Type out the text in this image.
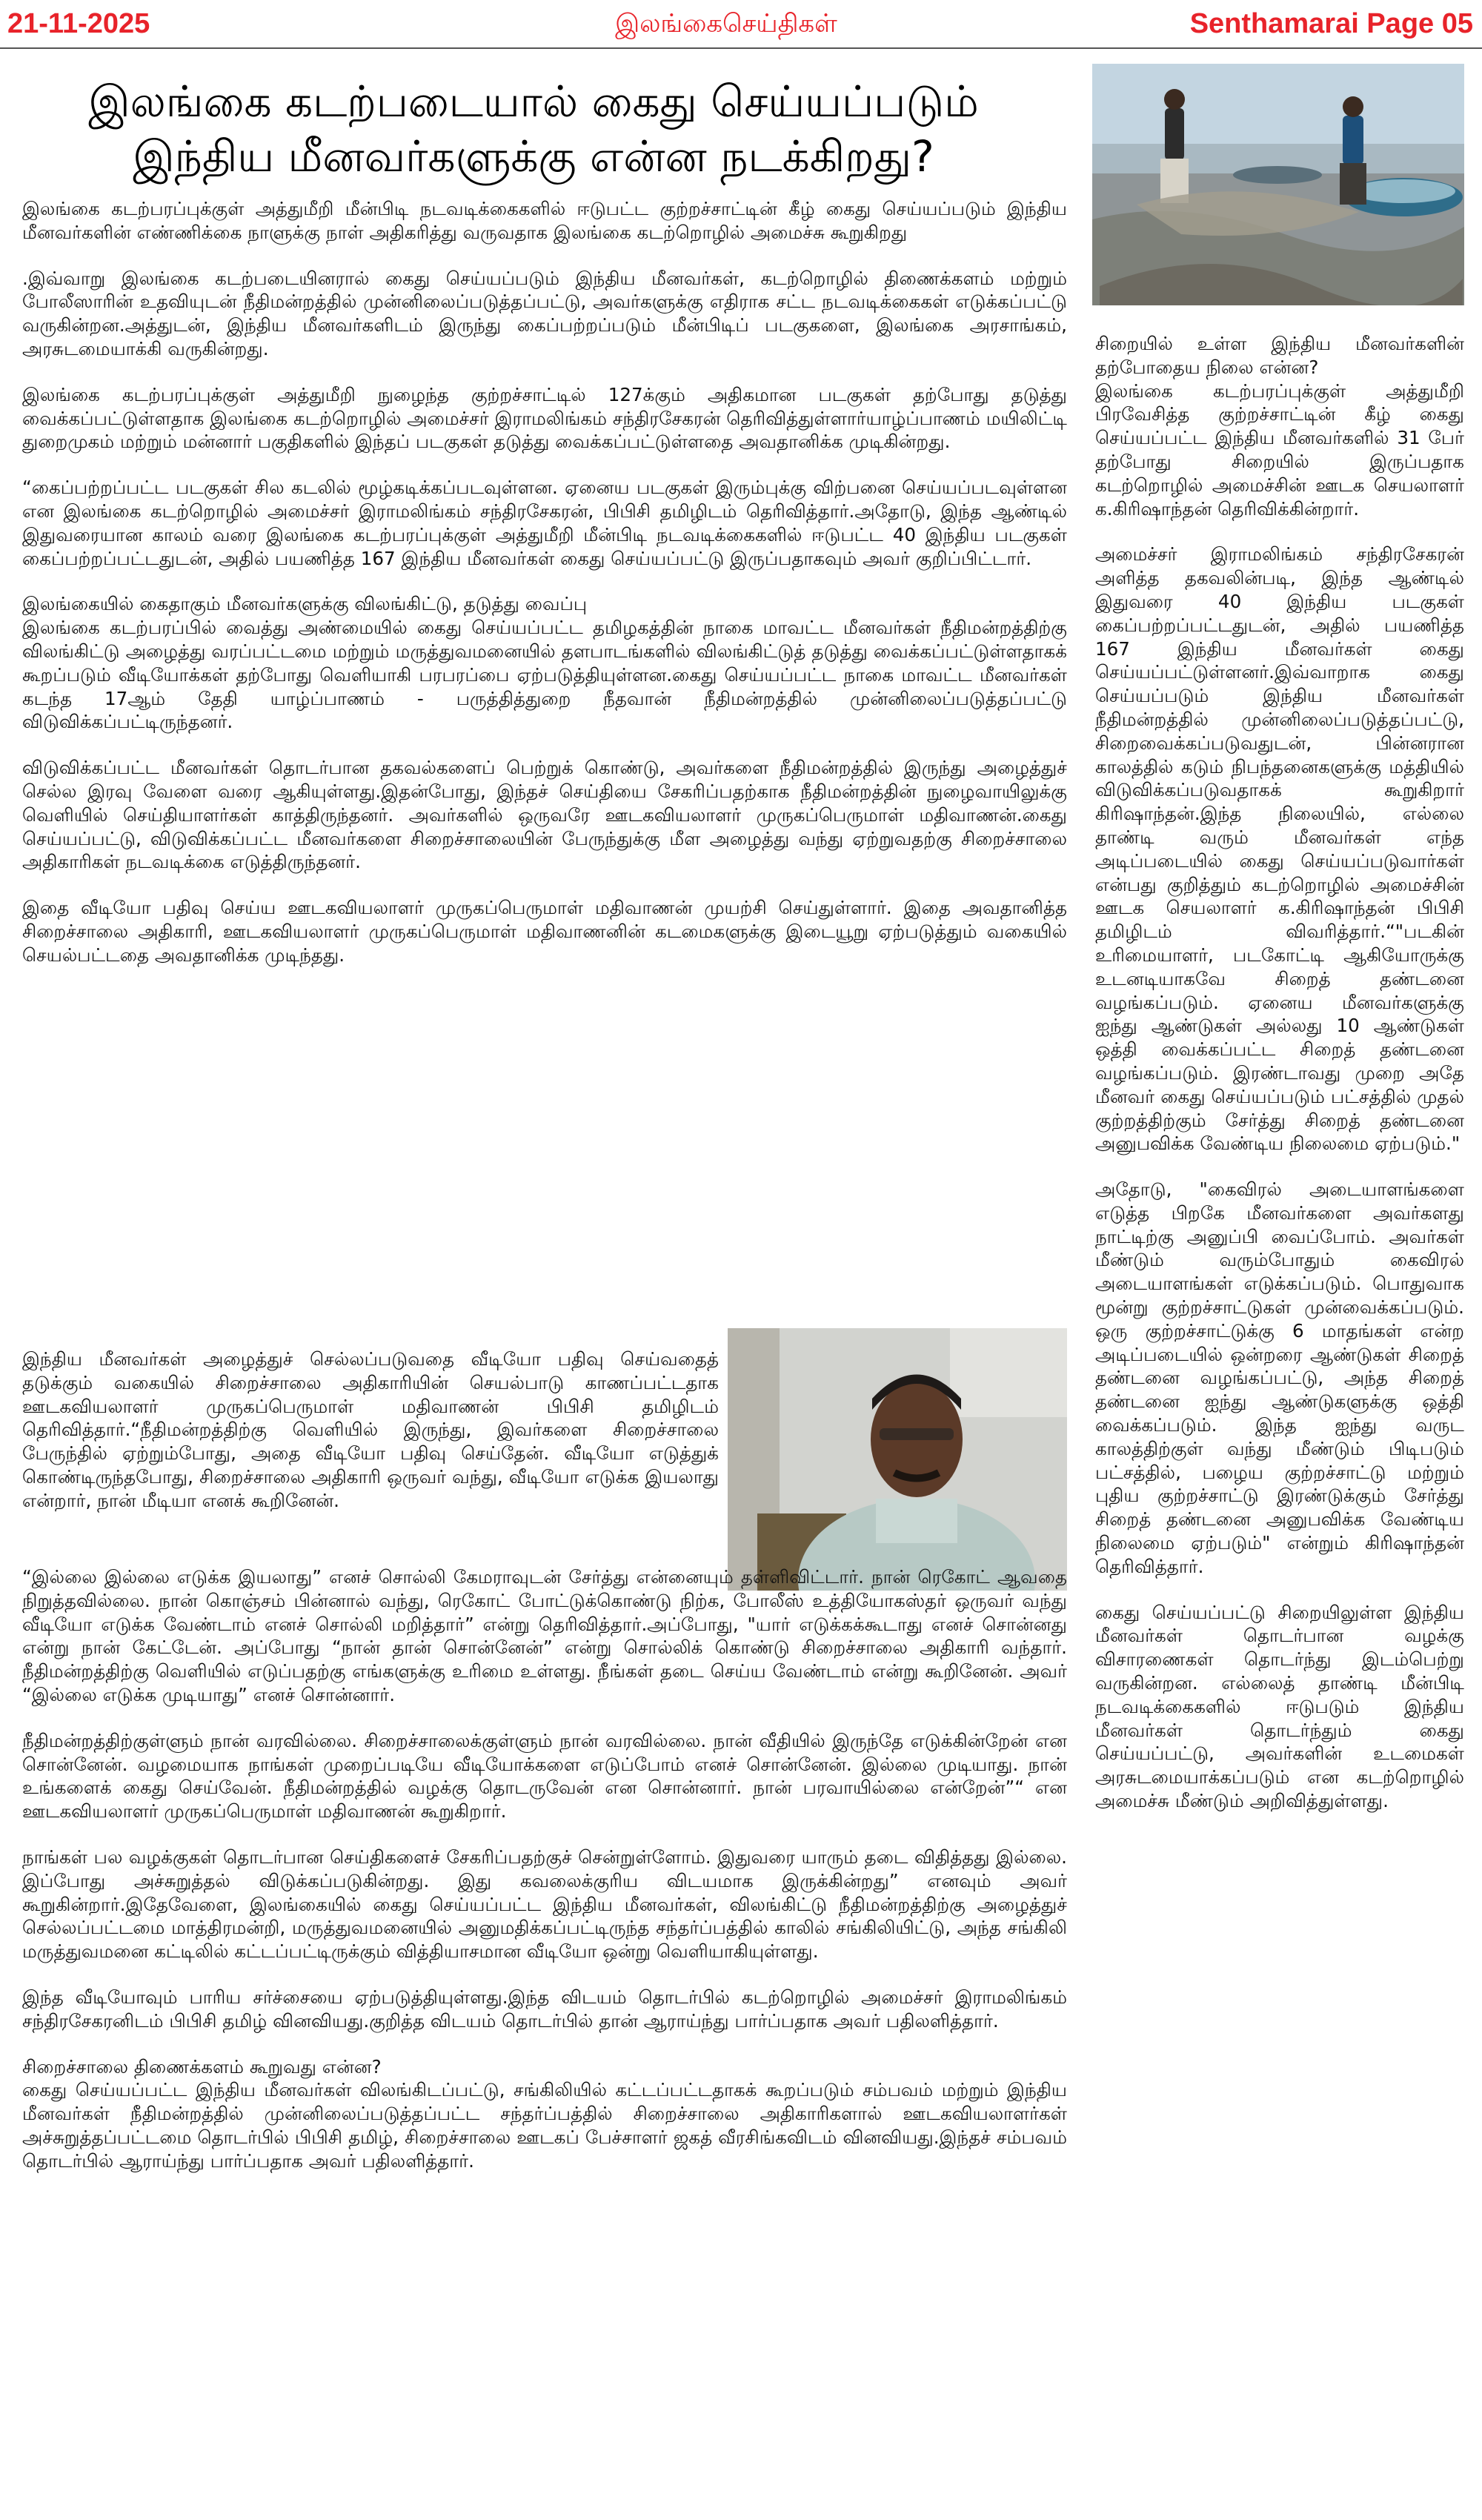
21-11-2025	இலங்கைசெய்திகள்	Senthamarai Page 05
இலங்கை கடற்படையால் கைது செய்யப்படும்
இந்திய மீனவர்களுக்கு என்ன நடக்கிறது?

இலங்கை கடற்பரப்புக்குள் அத்துமீறி மீன்பிடி நடவடிக்கைகளில் ஈடுபட்ட குற்றச்சாட்டின் கீழ் கைது செய்யப்படும் இந்திய மீனவர்களின் எண்ணிக்கை நாளுக்கு நாள் அதிகரித்து வருவதாக இலங்கை கடற்றொழில் அமைச்சு கூறுகிறது

.இவ்வாறு இலங்கை கடற்படையினரால் கைது செய்யப்படும் இந்திய மீனவர்கள், கடற்றொழில் திணைக்களம் மற்றும் போலீஸாரின் உதவியுடன் நீதிமன்றத்தில் முன்னிலைப்படுத்தப்பட்டு, அவர்களுக்கு எதிராக சட்ட நடவடிக்கைகள் எடுக்கப்பட்டு வருகின்றன.அத்துடன், இந்திய மீனவர்களிடம் இருந்து கைப்பற்றப்படும் மீன்பிடிப் படகுகளை, இலங்கை அரசாங்கம், அரசுடமையாக்கி வருகின்றது.

இலங்கை கடற்பரப்புக்குள் அத்துமீறி நுழைந்த குற்றச்சாட்டில் 127க்கும் அதிகமான படகுகள் தற்போது தடுத்து வைக்கப்பட்டுள்ளதாக இலங்கை கடற்றொழில் அமைச்சர் இராமலிங்கம் சந்திரசேகரன் தெரிவித்துள்ளார்யாழ்ப்பாணம் மயிலிட்டி துறைமுகம் மற்றும் மன்னார் பகுதிகளில் இந்தப் படகுகள் தடுத்து வைக்கப்பட்டுள்ளதை அவதானிக்க முடிகின்றது.

“கைப்பற்றப்பட்ட படகுகள் சில கடலில் மூழ்கடிக்கப்படவுள்ளன. ஏனைய படகுகள் இரும்புக்கு விற்பனை செய்யப்படவுள்ளன என இலங்கை கடற்றொழில் அமைச்சர் இராமலிங்கம் சந்திரசேகரன், பிபிசி தமிழிடம் தெரிவித்தார்.அதோடு, இந்த ஆண்டில் இதுவரையான காலம் வரை இலங்கை கடற்பரப்புக்குள் அத்துமீறி மீன்பிடி நடவடிக்கைகளில் ஈடுபட்ட 40 இந்திய படகுகள் கைப்பற்றப்பட்டதுடன், அதில் பயணித்த 167 இந்திய மீனவர்கள் கைது செய்யப்பட்டு இருப்பதாகவும் அவர் குறிப்பிட்டார்.

இலங்கையில் கைதாகும் மீனவர்களுக்கு விலங்கிட்டு, தடுத்து வைப்பு
இலங்கை கடற்பரப்பில் வைத்து அண்மையில் கைது செய்யப்பட்ட தமிழகத்தின் நாகை மாவட்ட மீனவர்கள் நீதிமன்றத்திற்கு விலங்கிட்டு அழைத்து வரப்பட்டமை மற்றும் மருத்துவமனையில் தளபாடங்களில் விலங்கிட்டுத் தடுத்து வைக்கப்பட்டுள்ளதாகக் கூறப்படும் வீடியோக்கள் தற்போது வெளியாகி பரபரப்பை ஏற்படுத்தியுள்ளன.கைது செய்யப்பட்ட நாகை மாவட்ட மீனவர்கள் கடந்த 17ஆம் தேதி யாழ்ப்பாணம் - பருத்தித்துறை நீதவான் நீதிமன்றத்தில் முன்னிலைப்படுத்தப்பட்டு விடுவிக்கப்பட்டிருந்தனர்.

விடுவிக்கப்பட்ட மீனவர்கள் தொடர்பான தகவல்களைப் பெற்றுக் கொண்டு, அவர்களை நீதிமன்றத்தில் இருந்து அழைத்துச் செல்ல இரவு வேளை வரை ஆகியுள்ளது.இதன்போது, இந்தச் செய்தியை சேகரிப்பதற்காக நீதிமன்றத்தின் நுழைவாயிலுக்கு வெளியில் செய்தியாளர்கள் காத்திருந்தனர். அவர்களில் ஒருவரே ஊடகவியலாளர் முருகப்பெருமாள் மதிவாணன்.கைது செய்யப்பட்டு, விடுவிக்கப்பட்ட மீனவர்களை சிறைச்சாலையின் பேருந்துக்கு மீள அழைத்து வந்து ஏற்றுவதற்கு சிறைச்சாலை அதிகாரிகள் நடவடிக்கை எடுத்திருந்தனர்.

இதை வீடியோ பதிவு செய்ய ஊடகவியலாளர் முருகப்பெருமாள் மதிவாணன் முயற்சி செய்துள்ளார். இதை அவதானித்த சிறைச்சாலை அதிகாரி, ஊடகவியலாளர் முருகப்பெருமாள் மதிவாணனின் கடமைகளுக்கு இடையூறு ஏற்படுத்தும் வகையில் செயல்பட்டதை அவதானிக்க முடிந்தது.

இந்திய மீனவர்கள் அழைத்துச் செல்லப்படுவதை வீடியோ பதிவு செய்வதைத் தடுக்கும் வகையில் சிறைச்சாலை அதிகாரியின் செயல்பாடு காணப்பட்டதாக ஊடகவியலாளர் முருகப்பெருமாள் மதிவாணன் பிபிசி தமிழிடம் தெரிவித்தார்.“நீதிமன்றத்திற்கு வெளியில் இருந்து, இவர்களை சிறைச்சாலை பேருந்தில் ஏற்றும்போது, அதை வீடியோ பதிவு செய்தேன். வீடியோ எடுத்துக் கொண்டிருந்தபோது, சிறைச்சாலை அதிகாரி ஒருவர் வந்து, வீடியோ எடுக்க இயலாது என்றார், நான் மீடியா எனக் கூறினேன்.

“இல்லை இல்லை எடுக்க இயலாது” எனச் சொல்லி கேமராவுடன் சேர்த்து என்னையும் தள்ளிவிட்டார். நான் ரெகோட் ஆவதை நிறுத்தவில்லை. நான் கொஞ்சம் பின்னால் வந்து, ரெகோட் போட்டுக்கொண்டு நிற்க, போலீஸ் உத்தியோகஸ்தர் ஒருவர் வந்து வீடியோ எடுக்க வேண்டாம் எனச் சொல்லி மறித்தார்” என்று தெரிவித்தார்.அப்போது, "யார் எடுக்கக்கூடாது எனச் சொன்னது என்று நான் கேட்டேன். அப்போது “நான் தான் சொன்னேன்” என்று சொல்லிக் கொண்டு சிறைச்சாலை அதிகாரி வந்தார். நீதிமன்றத்திற்கு வெளியில் எடுப்பதற்கு எங்களுக்கு உரிமை உள்ளது. நீங்கள் தடை செய்ய வேண்டாம் என்று கூறினேன். அவர் “இல்லை எடுக்க முடியாது” எனச் சொன்னார்.

நீதிமன்றத்திற்குள்ளும் நான் வரவில்லை. சிறைச்சாலைக்குள்ளும் நான் வரவில்லை. நான் வீதியில் இருந்தே எடுக்கின்றேன் என சொன்னேன். வழமையாக நாங்கள் முறைப்படியே வீடியோக்களை எடுப்போம் எனச் சொன்னேன். இல்லை முடியாது. நான் உங்களைக் கைது செய்வேன். நீதிமன்றத்தில் வழக்கு தொடருவேன் என சொன்னார். நான் பரவாயில்லை என்றேன்”“ என ஊடகவியலாளர் முருகப்பெருமாள் மதிவாணன் கூறுகிறார்.

நாங்கள் பல வழக்குகள் தொடர்பான செய்திகளைச் சேகரிப்பதற்குச் சென்றுள்ளோம். இதுவரை யாரும் தடை விதித்தது இல்லை. இப்போது அச்சுறுத்தல் விடுக்கப்படுகின்றது. இது கவலைக்குரிய விடயமாக இருக்கின்றது” எனவும் அவர் கூறுகின்றார்.இதேவேளை, இலங்கையில் கைது செய்யப்பட்ட இந்திய மீனவர்கள், விலங்கிட்டு நீதிமன்றத்திற்கு அழைத்துச் செல்லப்பட்டமை மாத்திரமன்றி, மருத்துவமனையில் அனுமதிக்கப்பட்டிருந்த சந்தர்ப்பத்தில் காலில் சங்கிலியிட்டு, அந்த சங்கிலி மருத்துவமனை கட்டிலில் கட்டப்பட்டிருக்கும் வித்தியாசமான வீடியோ ஒன்று வெளியாகியுள்ளது.

இந்த வீடியோவும் பாரிய சர்ச்சையை ஏற்படுத்தியுள்ளது.இந்த விடயம் தொடர்பில் கடற்றொழில் அமைச்சர் இராமலிங்கம் சந்திரசேகரனிடம் பிபிசி தமிழ் வினவியது.குறித்த விடயம் தொடர்பில் தான் ஆராய்ந்து பார்ப்பதாக அவர் பதிலளித்தார்.

சிறைச்சாலை திணைக்களம் கூறுவது என்ன?
கைது செய்யப்பட்ட இந்திய மீனவர்கள் விலங்கிடப்பட்டு, சங்கிலியில் கட்டப்பட்டதாகக் கூறப்படும் சம்பவம் மற்றும் இந்திய மீனவர்கள் நீதிமன்றத்தில் முன்னிலைப்படுத்தப்பட்ட சந்தர்ப்பத்தில் சிறைச்சாலை அதிகாரிகளால் ஊடகவியலாளர்கள் அச்சுறுத்தப்பட்டமை தொடர்பில் பிபிசி தமிழ், சிறைச்சாலை ஊடகப் பேச்சாளர் ஜகத் வீரசிங்கவிடம் வினவியது.இந்தச் சம்பவம் தொடர்பில் ஆராய்ந்து பார்ப்பதாக அவர் பதிலளித்தார்.

சிறையில் உள்ள இந்திய மீனவர்களின் தற்போதைய நிலை என்ன?
இலங்கை கடற்பரப்புக்குள் அத்துமீறி பிரவேசித்த குற்றச்சாட்டின் கீழ் கைது செய்யப்பட்ட இந்திய மீனவர்களில் 31 பேர் தற்போது சிறையில் இருப்பதாக கடற்றொழில் அமைச்சின் ஊடக செயலாளர் க.கிரிஷாந்தன் தெரிவிக்கின்றார்.

அமைச்சர் இராமலிங்கம் சந்திரசேகரன் அளித்த தகவலின்படி, இந்த ஆண்டில் இதுவரை 40 இந்திய படகுகள் கைப்பற்றப்பட்டதுடன், அதில் பயணித்த 167 இந்திய மீனவர்கள் கைது செய்யப்பட்டுள்ளனர்.இவ்வாறாக கைது செய்யப்படும் இந்திய மீனவர்கள் நீதிமன்றத்தில் முன்னிலைப்படுத்தப்பட்டு, சிறைவைக்கப்படுவதுடன், பின்னரான காலத்தில் கடும் நிபந்தனைகளுக்கு மத்தியில் விடுவிக்கப்படுவதாகக் கூறுகிறார் கிரிஷாந்தன்.இந்த நிலையில், எல்லை தாண்டி வரும் மீனவர்கள் எந்த அடிப்படையில் கைது செய்யப்படுவார்கள் என்பது குறித்தும் கடற்றொழில் அமைச்சின் ஊடக செயலாளர் க.கிரிஷாந்தன் பிபிசி தமிழிடம் விவரித்தார்.“"படகின் உரிமையாளர், படகோட்டி ஆகியோருக்கு உடனடியாகவே சிறைத் தண்டனை வழங்கப்படும். ஏனைய மீனவர்களுக்கு ஐந்து ஆண்டுகள் அல்லது 10 ஆண்டுகள் ஒத்தி வைக்கப்பட்ட சிறைத் தண்டனை வழங்கப்படும். இரண்டாவது முறை அதே மீனவர் கைது செய்யப்படும் பட்சத்தில் முதல் குற்றத்திற்கும் சேர்த்து சிறைத் தண்டனை அனுபவிக்க வேண்டிய நிலைமை ஏற்படும்."

அதோடு, "கைவிரல் அடையாளங்களை எடுத்த பிறகே மீனவர்களை அவர்களது நாட்டிற்கு அனுப்பி வைப்போம். அவர்கள் மீண்டும் வரும்போதும் கைவிரல் அடையாளங்கள் எடுக்கப்படும். பொதுவாக மூன்று குற்றச்சாட்டுகள் முன்வைக்கப்படும். ஒரு குற்றச்சாட்டுக்கு 6 மாதங்கள் என்ற அடிப்படையில் ஒன்றரை ஆண்டுகள் சிறைத் தண்டனை வழங்கப்பட்டு, அந்த சிறைத் தண்டனை ஐந்து ஆண்டுகளுக்கு ஒத்தி வைக்கப்படும். இந்த ஐந்து வருட காலத்திற்குள் வந்து மீண்டும் பிடிபடும் பட்சத்தில், பழைய குற்றச்சாட்டு மற்றும் புதிய குற்றச்சாட்டு இரண்டுக்கும் சேர்த்து சிறைத் தண்டனை அனுபவிக்க வேண்டிய நிலைமை ஏற்படும்" என்றும் கிரிஷாந்தன் தெரிவித்தார்.

கைது செய்யப்பட்டு சிறையிலுள்ள இந்திய மீனவர்கள் தொடர்பான வழக்கு விசாரணைகள் தொடர்ந்து இடம்பெற்று வருகின்றன. எல்லைத் தாண்டி மீன்பிடி நடவடிக்கைகளில் ஈடுபடும் இந்திய மீனவர்கள் தொடர்ந்தும் கைது செய்யப்பட்டு, அவர்களின் உடமைகள் அரசுடமையாக்கப்படும் என கடற்றொழில் அமைச்சு மீண்டும் அறிவித்துள்ளது.
